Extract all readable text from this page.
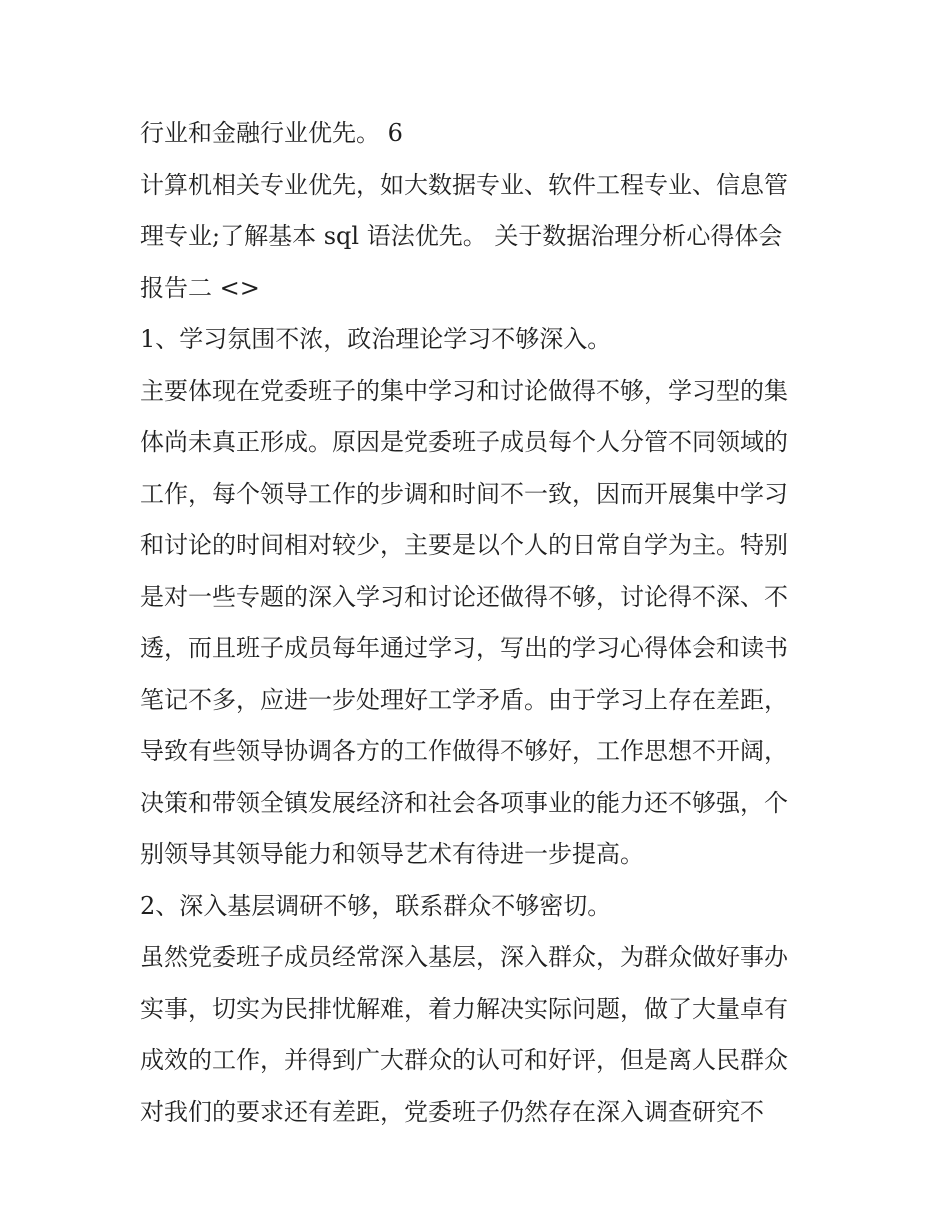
行业和金融行业优先。 6
计算机相关专业优先，如大数据专业、软件工程专业、信息管
理专业;了解基本 sql 语法优先。 关于数据治理分析心得体会
报告二 <>
1、学习氛围不浓，政治理论学习不够深入。
主要体现在党委班子的集中学习和讨论做得不够，学习型的集
体尚未真正形成。原因是党委班子成员每个人分管不同领域的
工作，每个领导工作的步调和时间不一致，因而开展集中学习
和讨论的时间相对较少，主要是以个人的日常自学为主。特别
是对一些专题的深入学习和讨论还做得不够，讨论得不深、不
透，而且班子成员每年通过学习，写出的学习心得体会和读书
笔记不多，应进一步处理好工学矛盾。由于学习上存在差距，
导致有些领导协调各方的工作做得不够好，工作思想不开阔，
决策和带领全镇发展经济和社会各项事业的能力还不够强，个
别领导其领导能力和领导艺术有待进一步提高。
2、深入基层调研不够，联系群众不够密切。
虽然党委班子成员经常深入基层，深入群众，为群众做好事办
实事，切实为民排忧解难，着力解决实际问题，做了大量卓有
成效的工作，并得到广大群众的认可和好评，但是离人民群众
对我们的要求还有差距，党委班子仍然存在深入调查研究不
